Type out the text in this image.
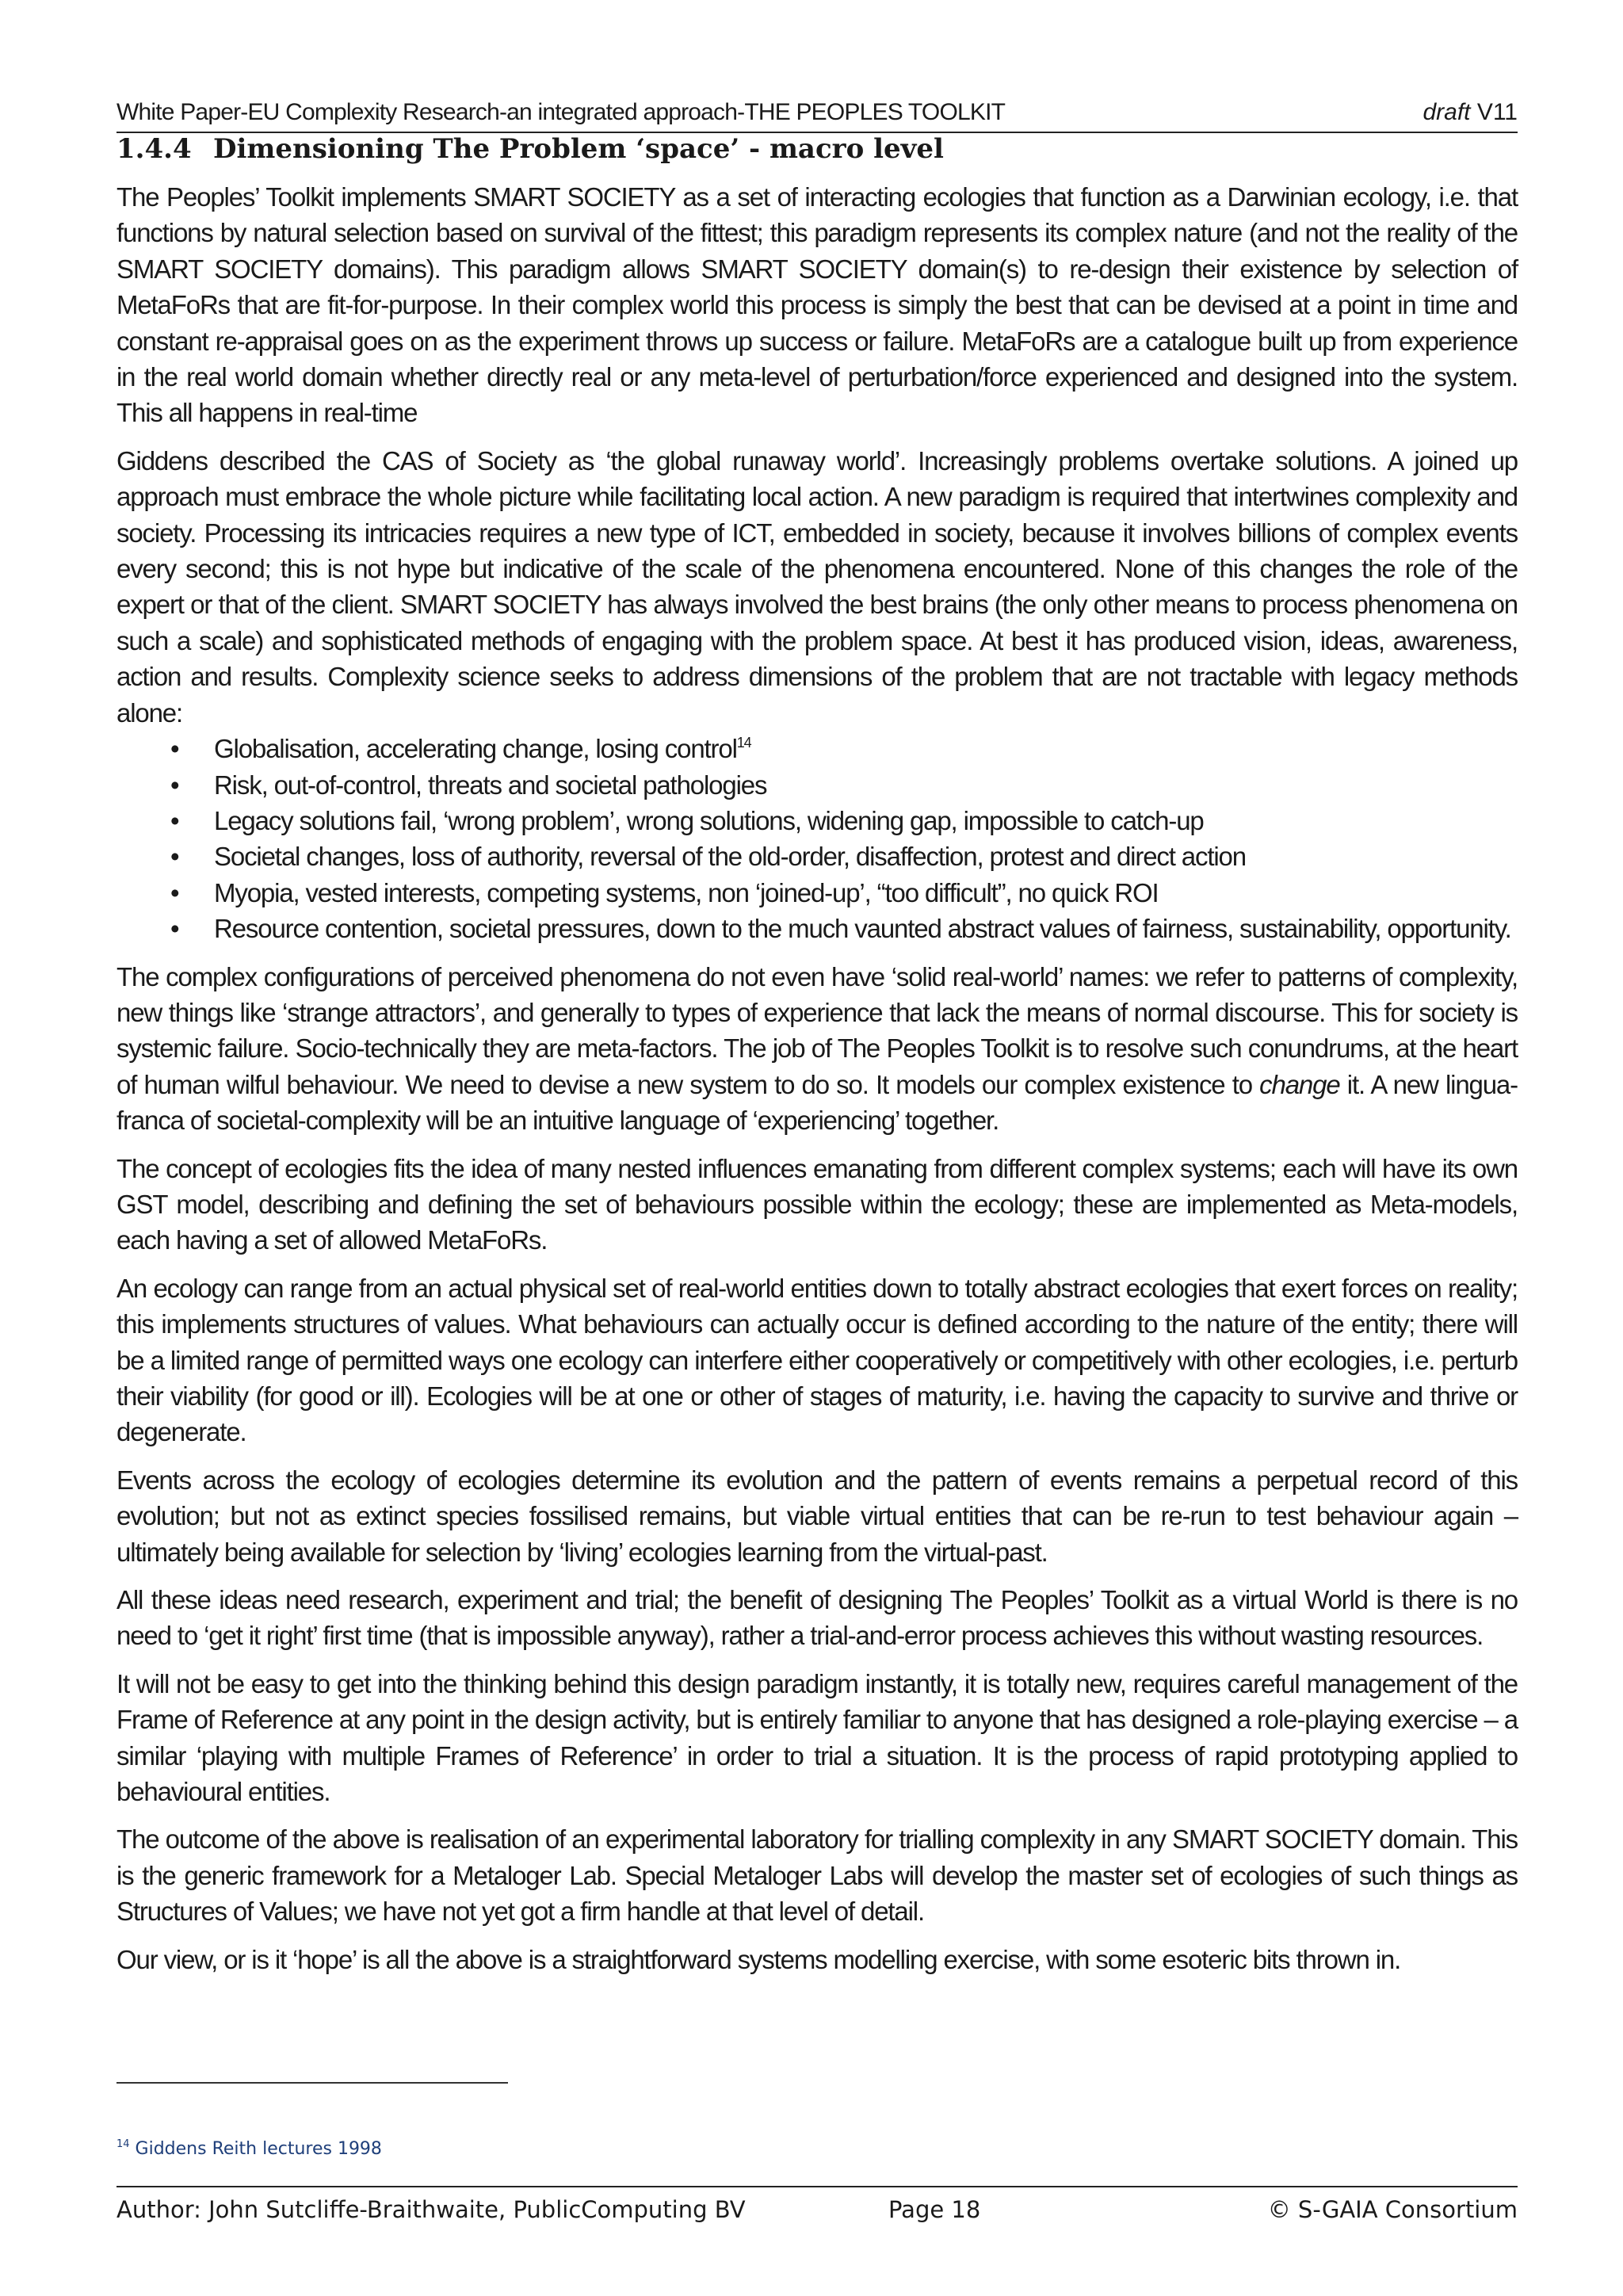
White Paper-EU Complexity Research-an integrated approach-THE PEOPLES TOOLKIT	draft V11
1.4.4 Dimensioning The Problem ‘space’ - macro level

The Peoples’ Toolkit implements SMART SOCIETY as a set of interacting ecologies that function as a Darwinian ecology, i.e. that functions by natural selection based on survival of the fittest; this paradigm represents its complex nature (and not the reality of the SMART SOCIETY domains). This paradigm allows SMART SOCIETY domain(s) to re-design their existence by selection of MetaFoRs that are fit-for-purpose. In their complex world this process is simply the best that can be devised at a point in time and constant re-appraisal goes on as the experiment throws up success or failure. MetaFoRs are a catalogue built up from experience in the real world domain whether directly real or any meta-level of perturbation/force experienced and designed into the system. This all happens in real-time

Giddens described the CAS of Society as ‘the global runaway world’. Increasingly problems overtake solutions. A joined up approach must embrace the whole picture while facilitating local action. A new paradigm is required that intertwines complexity and society. Processing its intricacies requires a new type of ICT, embedded in society, because it involves billions of complex events every second; this is not hype but indicative of the scale of the phenomena encountered. None of this changes the role of the expert or that of the client. SMART SOCIETY has always involved the best brains (the only other means to process phenomena on such a scale) and sophisticated methods of engaging with the problem space. At best it has produced vision, ideas, awareness, action and results. Complexity science seeks to address dimensions of the problem that are not tractable with legacy methods alone:

• Globalisation, accelerating change, losing control$^{14}$
• Risk, out-of-control, threats and societal pathologies
• Legacy solutions fail, ‘wrong problem’, wrong solutions, widening gap, impossible to catch-up
• Societal changes, loss of authority, reversal of the old-order, disaffection, protest and direct action
• Myopia, vested interests, competing systems, non ‘joined-up’, “too difficult”, no quick ROI
• Resource contention, societal pressures, down to the much vaunted abstract values of fairness, sustainability, opportunity.

The complex configurations of perceived phenomena do not even have ‘solid real-world’ names: we refer to patterns of complexity, new things like ‘strange attractors’, and generally to types of experience that lack the means of normal discourse. This for society is systemic failure. Socio-technically they are meta-factors. The job of The Peoples Toolkit is to resolve such conundrums, at the heart of human wilful behaviour. We need to devise a new system to do so. It models our complex existence to change it. A new lingua-franca of societal-complexity will be an intuitive language of ‘experiencing’ together.

The concept of ecologies fits the idea of many nested influences emanating from different complex systems; each will have its own GST model, describing and defining the set of behaviours possible within the ecology; these are implemented as Meta-models, each having a set of allowed MetaFoRs.

An ecology can range from an actual physical set of real-world entities down to totally abstract ecologies that exert forces on reality; this implements structures of values. What behaviours can actually occur is defined according to the nature of the entity; there will be a limited range of permitted ways one ecology can interfere either cooperatively or competitively with other ecologies, i.e. perturb their viability (for good or ill). Ecologies will be at one or other of stages of maturity, i.e. having the capacity to survive and thrive or degenerate.

Events across the ecology of ecologies determine its evolution and the pattern of events remains a perpetual record of this evolution; but not as extinct species fossilised remains, but viable virtual entities that can be re-run to test behaviour again – ultimately being available for selection by ‘living’ ecologies learning from the virtual-past.

All these ideas need research, experiment and trial; the benefit of designing The Peoples’ Toolkit as a virtual World is there is no need to ‘get it right’ first time (that is impossible anyway), rather a trial-and-error process achieves this without wasting resources.

It will not be easy to get into the thinking behind this design paradigm instantly, it is totally new, requires careful management of the Frame of Reference at any point in the design activity, but is entirely familiar to anyone that has designed a role-playing exercise – a similar ‘playing with multiple Frames of Reference’ in order to trial a situation. It is the process of rapid prototyping applied to behavioural entities.

The outcome of the above is realisation of an experimental laboratory for trialling complexity in any SMART SOCIETY domain. This is the generic framework for a Metaloger Lab. Special Metaloger Labs will develop the master set of ecologies of such things as Structures of Values; we have not yet got a firm handle at that level of detail.

Our view, or is it ‘hope’ is all the above is a straightforward systems modelling exercise, with some esoteric bits thrown in.

$^{14}$ Giddens Reith lectures 1998
Author: John Sutcliffe-Braithwaite, PublicComputing BV	Page 18	© S-GAIA Consortium
